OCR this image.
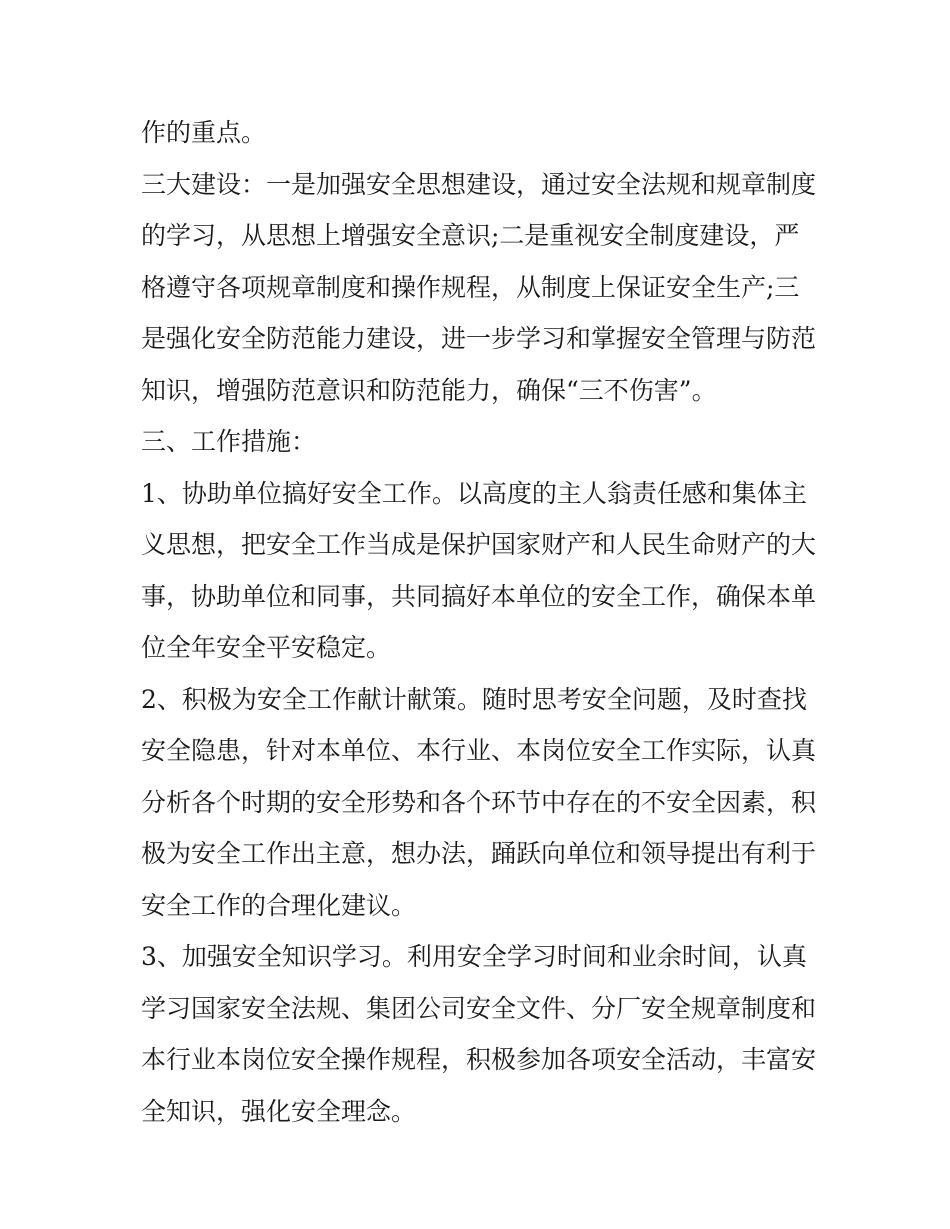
作的重点。
三大建设：一是加强安全思想建设，通过安全法规和规章制度
的学习，从思想上增强安全意识;二是重视安全制度建设，严
格遵守各项规章制度和操作规程，从制度上保证安全生产;三
是强化安全防范能力建设，进一步学习和掌握安全管理与防范
知识，增强防范意识和防范能力，确保“三不伤害”。
三、工作措施：
1、协助单位搞好安全工作。以高度的主人翁责任感和集体主
义思想，把安全工作当成是保护国家财产和人民生命财产的大
事，协助单位和同事，共同搞好本单位的安全工作，确保本单
位全年安全平安稳定。
2、积极为安全工作献计献策。随时思考安全问题，及时查找
安全隐患，针对本单位、本行业、本岗位安全工作实际，认真
分析各个时期的安全形势和各个环节中存在的不安全因素，积
极为安全工作出主意，想办法，踊跃向单位和领导提出有利于
安全工作的合理化建议。
3、加强安全知识学习。利用安全学习时间和业余时间，认真
学习国家安全法规、集团公司安全文件、分厂安全规章制度和
本行业本岗位安全操作规程，积极参加各项安全活动，丰富安
全知识，强化安全理念。
